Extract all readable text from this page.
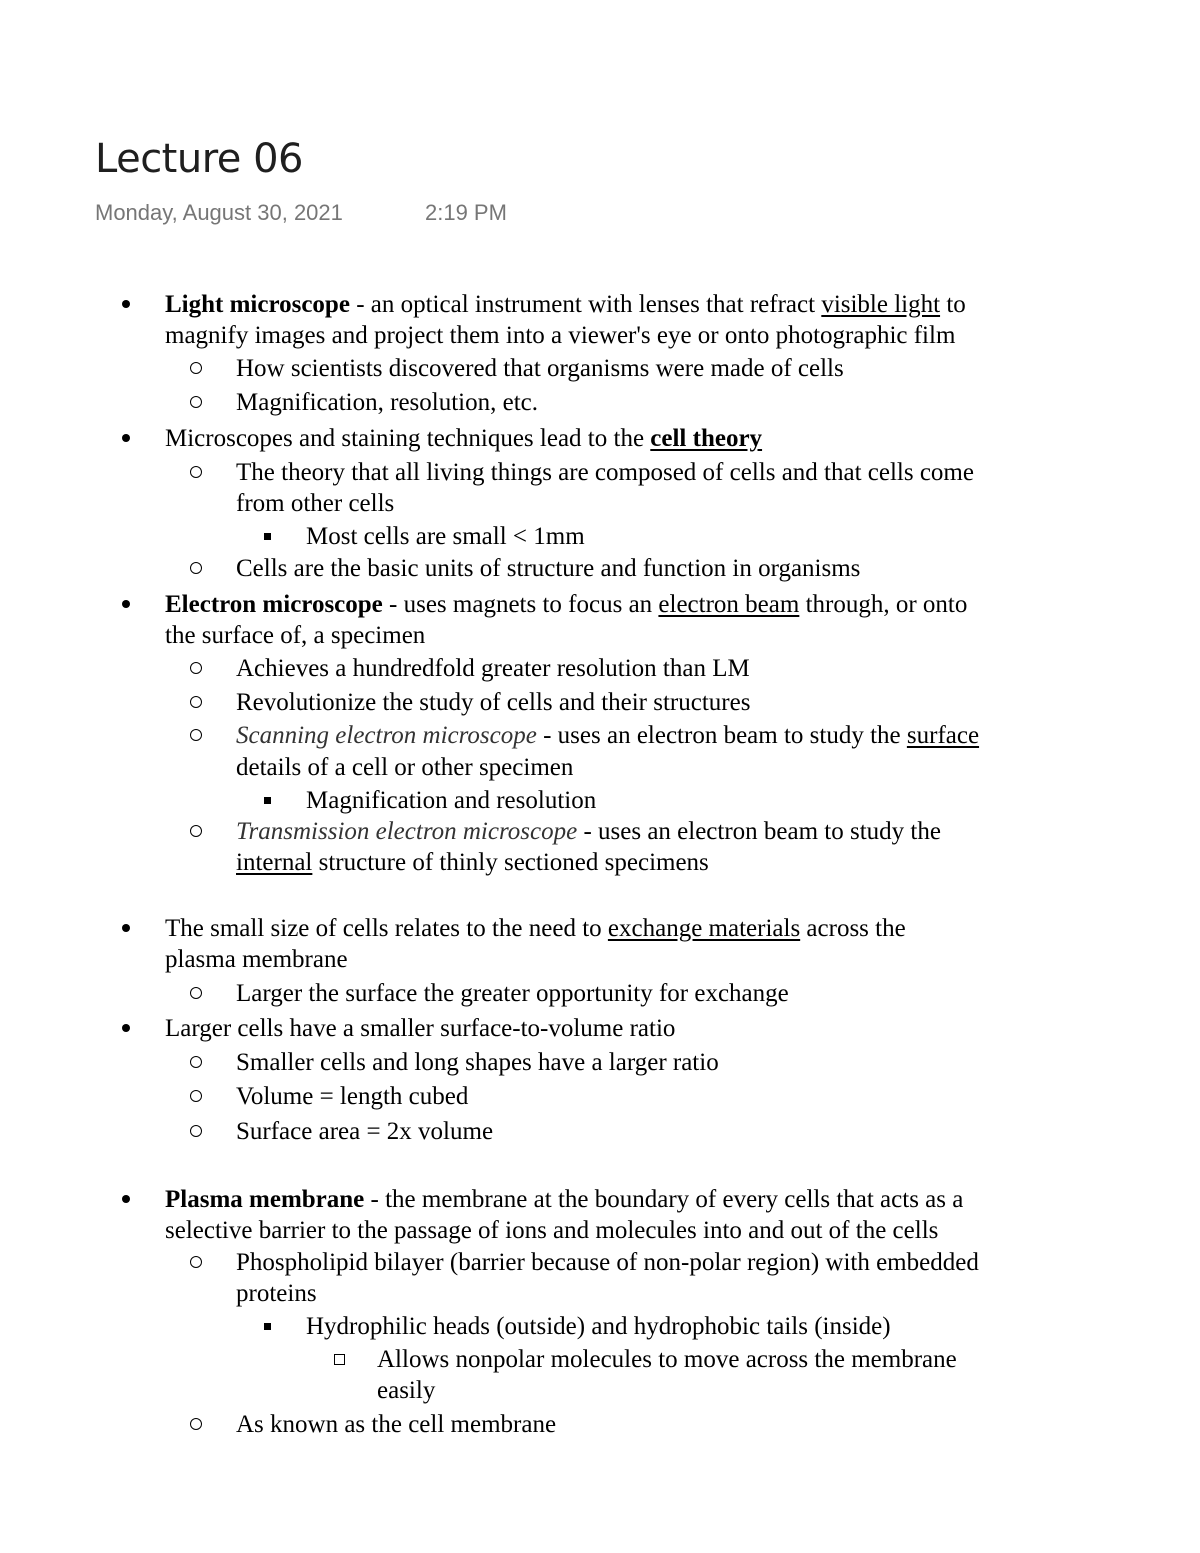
Lecture 06
Monday, August 30, 2021	2:19 PM
Light microscope - an optical instrument with lenses that refract visible light to
magnify images and project them into a viewer's eye or onto photographic film
How scientists discovered that organisms were made of cells
Magnification, resolution, etc.
Microscopes and staining techniques lead to the cell theory
The theory that all living things are composed of cells and that cells come
from other cells
Most cells are small < 1mm
Cells are the basic units of structure and function in organisms
Electron microscope - uses magnets to focus an electron beam through, or onto
the surface of, a specimen
Achieves a hundredfold greater resolution than LM
Revolutionize the study of cells and their structures
Scanning electron microscope - uses an electron beam to study the surface
details of a cell or other specimen
Magnification and resolution
Transmission electron microscope - uses an electron beam to study the
internal structure of thinly sectioned specimens
The small size of cells relates to the need to exchange materials across the
plasma membrane
Larger the surface the greater opportunity for exchange
Larger cells have a smaller surface-to-volume ratio
Smaller cells and long shapes have a larger ratio
Volume = length cubed
Surface area = 2x volume
Plasma membrane - the membrane at the boundary of every cells that acts as a
selective barrier to the passage of ions and molecules into and out of the cells
Phospholipid bilayer (barrier because of non-polar region) with embedded
proteins
Hydrophilic heads (outside) and hydrophobic tails (inside)
Allows nonpolar molecules to move across the membrane
easily
As known as the cell membrane
